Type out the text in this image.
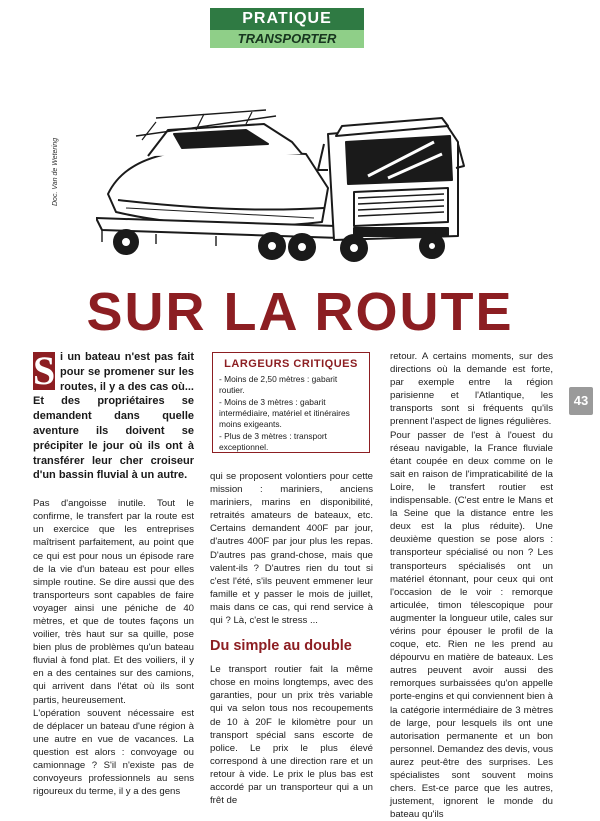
PRATIQUE
TRANSPORTER
Doc. Van de Wetering
SUR LA ROUTE
S i un bateau n'est pas fait pour se promener sur les routes, il y a des cas où... Et des propriétaires se demandent dans quelle aventure ils doivent se précipiter le jour où ils ont à transférer leur cher croiseur d'un bassin fluvial à un autre.

Pas d'angoisse inutile. Tout le confirme, le transfert par la route est un exercice que les entreprises maîtrisent parfaitement, au point que ce qui est pour nous un épisode rare de la vie d'un bateau est pour elles simple routine. Se dire aussi que des transporteurs sont capables de faire voyager ainsi une péniche de 40 mètres, et que de toutes façons un voilier, très haut sur sa quille, pose bien plus de problèmes qu'un bateau fluvial à fond plat. Et des voiliers, il y en a des centaines sur des camions, qui arrivent dans l'état où ils sont partis, heureusement.

L'opération souvent nécessaire est de déplacer un bateau d'une région à une autre en vue de vacances. La question est alors : convoyage ou camionnage ? S'il n'existe pas de convoyeurs professionnels au sens rigoureux du terme, il y a des gens

LARGEURS CRITIQUES

- Moins de 2,50 mètres : gabarit routier.

- Moins de 3 mètres : gabarit intermédiaire, matériel et itinéraires moins exigeants.

- Plus de 3 mètres : transport exceptionnel.

qui se proposent volontiers pour cette mission : mariniers, anciens mariniers, marins en disponibilité, retraités amateurs de bateaux, etc. Certains demandent 400F par jour, d'autres 400F par jour plus les repas. D'autres pas grand-chose, mais que valent-ils ? D'autres rien du tout si c'est l'été, s'ils peuvent emmener leur famille et y passer le mois de juillet, mais dans ce cas, qui rend service à qui ? Là, c'est le stress ...

Du simple au double

Le transport routier fait la même chose en moins longtemps, avec des garanties, pour un prix très variable qui va selon tous nos recoupements de 10 à 20F le kilomètre pour un transport spécial sans escorte de police. Le prix le plus élevé correspond à une direction rare et un retour à vide. Le prix le plus bas est accordé par un transporteur qui a un frêt de

retour. A certains moments, sur des directions où la demande est forte, par exemple entre la région parisienne et l'Atlantique, les transports sont si fréquents qu'ils prennent l'aspect de lignes régulières.

Pour passer de l'est à l'ouest du réseau navigable, la France fluviale étant coupée en deux comme on le sait en raison de l'impraticabilité de la Loire, le transfert routier est indispensable. (C'est entre le Mans et la Seine que la distance entre les deux est la plus réduite). Une deuxième question se pose alors : transporteur spécialisé ou non ? Les transporteurs spécialisés ont un matériel étonnant, pour ceux qui ont l'occasion de le voir : remorque articulée, timon télescopique pour augmenter la longueur utile, cales sur vérins pour épouser le profil de la coque, etc. Rien ne les prend au dépourvu en matière de bateaux. Les autres peuvent avoir aussi des remorques surbaissées qu'on appelle porte-engins et qui conviennent bien à la catégorie intermédiaire de 3 mètres de large, pour lesquels ils ont une autorisation permanente et un bon personnel. Demandez des devis, vous aurez peut-être des surprises. Les spécialistes sont souvent moins chers. Est-ce parce que les autres, justement, ignorent le monde du bateau qu'ils

43
